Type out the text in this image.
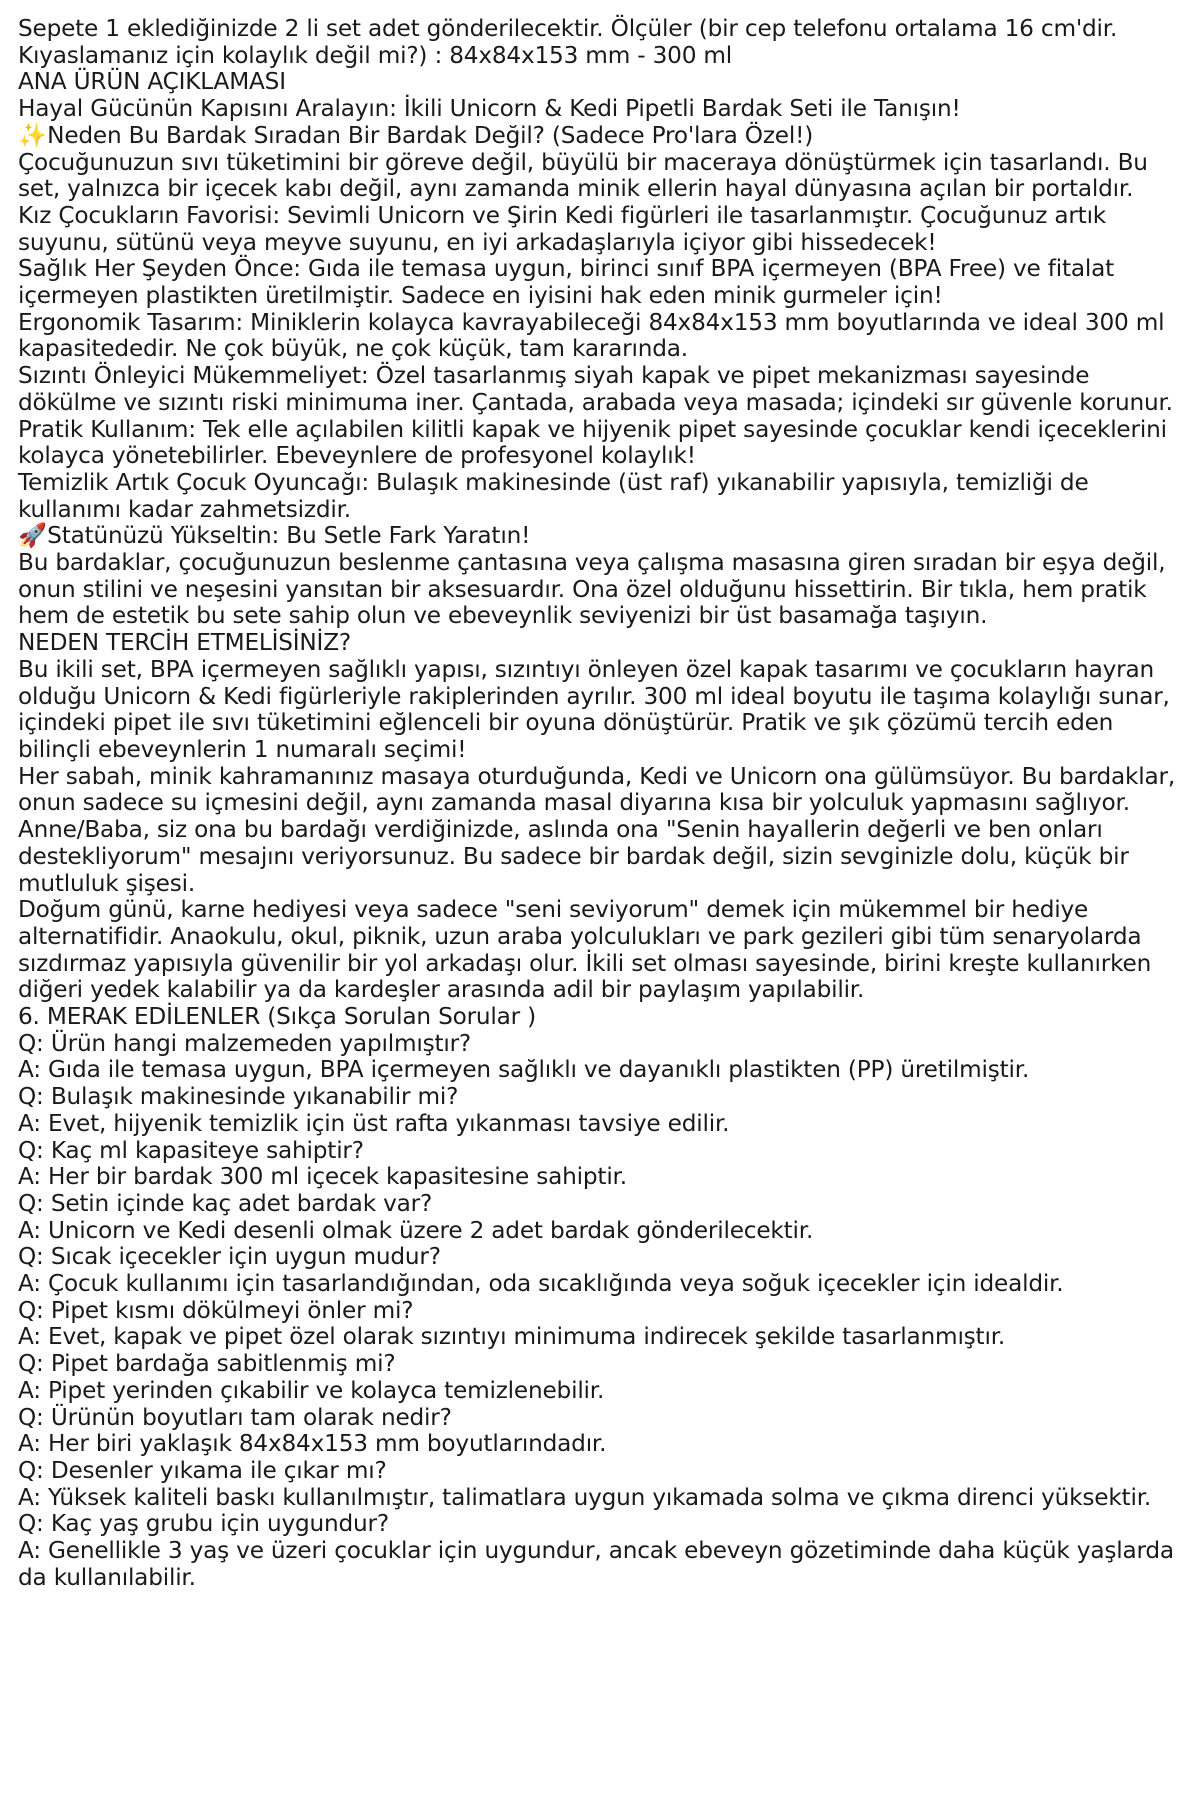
Sepete 1 eklediğinizde 2 li set adet gönderilecektir. Ölçüler (bir cep telefonu ortalama 16 cm'dir. Kıyaslamanız için kolaylık değil mi?) : 84x84x153 mm - 300 ml

ANA ÜRÜN AÇIKLAMASI

Hayal Gücünün Kapısını Aralayın: İkili Unicorn & Kedi Pipetli Bardak Seti ile Tanışın!

✨ Neden Bu Bardak Sıradan Bir Bardak Değil? (Sadece Pro'lara Özel!)

Çocuğunuzun sıvı tüketimini bir göreve değil, büyülü bir maceraya dönüştürmek için tasarlandı. Bu set, yalnızca bir içecek kabı değil, aynı zamanda minik ellerin hayal dünyasına açılan bir portaldır.

Kız Çocukların Favorisi: Sevimli Unicorn ve Şirin Kedi figürleri ile tasarlanmıştır. Çocuğunuz artık suyunu, sütünü veya meyve suyunu, en iyi arkadaşlarıyla içiyor gibi hissedecek!

Sağlık Her Şeyden Önce: Gıda ile temasa uygun, birinci sınıf BPA içermeyen (BPA Free) ve fitalat içermeyen plastikten üretilmiştir. Sadece en iyisini hak eden minik gurmeler için!

Ergonomik Tasarım: Miniklerin kolayca kavrayabileceği 84x84x153 mm boyutlarında ve ideal 300 ml kapasitededir. Ne çok büyük, ne çok küçük, tam kararında.

Sızıntı Önleyici Mükemmeliyet: Özel tasarlanmış siyah kapak ve pipet mekanizması sayesinde dökülme ve sızıntı riski minimuma iner. Çantada, arabada veya masada; içindeki sır güvenle korunur.

Pratik Kullanım: Tek elle açılabilen kilitli kapak ve hijyenik pipet sayesinde çocuklar kendi içeceklerini kolayca yönetebilirler. Ebeveynlere de profesyonel kolaylık!

Temizlik Artık Çocuk Oyuncağı: Bulaşık makinesinde (üst raf) yıkanabilir yapısıyla, temizliği de kullanımı kadar zahmetsizdir.

🚀 Statünüzü Yükseltin: Bu Setle Fark Yaratın!

Bu bardaklar, çocuğunuzun beslenme çantasına veya çalışma masasına giren sıradan bir eşya değil, onun stilini ve neşesini yansıtan bir aksesuardır. Ona özel olduğunu hissettirin. Bir tıkla, hem pratik hem de estetik bu sete sahip olun ve ebeveynlik seviyenizi bir üst basamağa taşıyın.

NEDEN TERCİH ETMELİSİNİZ?

Bu ikili set, BPA içermeyen sağlıklı yapısı, sızıntıyı önleyen özel kapak tasarımı ve çocukların hayran olduğu Unicorn & Kedi figürleriyle rakiplerinden ayrılır. 300 ml ideal boyutu ile taşıma kolaylığı sunar, içindeki pipet ile sıvı tüketimini eğlenceli bir oyuna dönüştürür. Pratik ve şık çözümü tercih eden bilinçli ebeveynlerin 1 numaralı seçimi!

Her sabah, minik kahramanınız masaya oturduğunda, Kedi ve Unicorn ona gülümsüyor. Bu bardaklar, onun sadece su içmesini değil, aynı zamanda masal diyarına kısa bir yolculuk yapmasını sağlıyor. Anne/Baba, siz ona bu bardağı verdiğinizde, aslında ona "Senin hayallerin değerli ve ben onları destekliyorum" mesajını veriyorsunuz. Bu sadece bir bardak değil, sizin sevginizle dolu, küçük bir mutluluk şişesi.

Doğum günü, karne hediyesi veya sadece "seni seviyorum" demek için mükemmel bir hediye alternatifidir. Anaokulu, okul, piknik, uzun araba yolculukları ve park gezileri gibi tüm senaryolarda sızdırmaz yapısıyla güvenilir bir yol arkadaşı olur. İkili set olması sayesinde, birini kreşte kullanırken diğeri yedek kalabilir ya da kardeşler arasında adil bir paylaşım yapılabilir.

6. MERAK EDİLENLER (Sıkça Sorulan Sorular )

Q: Ürün hangi malzemeden yapılmıştır?

A: Gıda ile temasa uygun, BPA içermeyen sağlıklı ve dayanıklı plastikten (PP) üretilmiştir.

Q: Bulaşık makinesinde yıkanabilir mi?

A: Evet, hijyenik temizlik için üst rafta yıkanması tavsiye edilir.

Q: Kaç ml kapasiteye sahiptir?

A: Her bir bardak 300 ml içecek kapasitesine sahiptir.

Q: Setin içinde kaç adet bardak var?

A: Unicorn ve Kedi desenli olmak üzere 2 adet bardak gönderilecektir.

Q: Sıcak içecekler için uygun mudur?

A: Çocuk kullanımı için tasarlandığından, oda sıcaklığında veya soğuk içecekler için idealdir.

Q: Pipet kısmı dökülmeyi önler mi?

A: Evet, kapak ve pipet özel olarak sızıntıyı minimuma indirecek şekilde tasarlanmıştır.

Q: Pipet bardağa sabitlenmiş mi?

A: Pipet yerinden çıkabilir ve kolayca temizlenebilir.

Q: Ürünün boyutları tam olarak nedir?

A: Her biri yaklaşık 84x84x153 mm boyutlarındadır.

Q: Desenler yıkama ile çıkar mı?

A: Yüksek kaliteli baskı kullanılmıştır, talimatlara uygun yıkamada solma ve çıkma direnci yüksektir.

Q: Kaç yaş grubu için uygundur?

A: Genellikle 3 yaş ve üzeri çocuklar için uygundur, ancak ebeveyn gözetiminde daha küçük yaşlarda da kullanılabilir.
